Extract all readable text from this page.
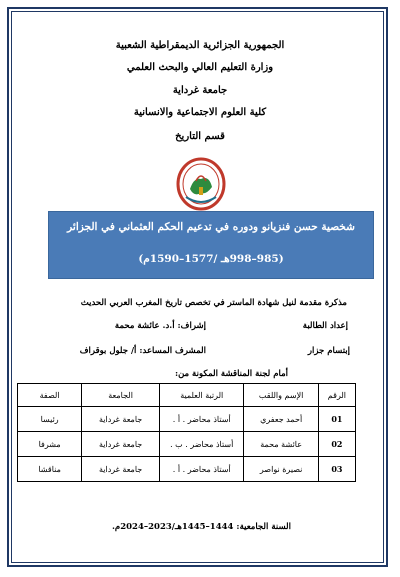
الجمهورية الجزائرية الديمقراطية الشعبية
وزارة التعليم العالي والبحث العلمي
جامعة غرداية
كلية العلوم الاجتماعية والانسانية
قسم التاريخ
شخصية حسن فنزيانو ودوره في تدعيم الحكم العثماني في الجزائر
(985–998هـ /1577–1590م)
مذكرة مقدمة لنيل شهادة الماستر في تخصص تاريخ المغرب العربي الحديث
إعداد الطالبة
إشراف: أ.د. عائشة محمة
إبتسام جزار
المشرف المساعد: أ/ جلول بوقراف
أمام لجنة المناقشة المكونة من:
الرقم	الإسم واللقب	الرتبة العلمية	الجامعة	الصفة
01	أحمد جعفري	أستاذ محاضر . أ .	جامعة غرداية	رئيسا
02	عائشة محمة	أستاذ محاضر . ب .	جامعة غرداية	مشرفا
03	نصيرة نواصر	أستاذ محاضر . أ .	جامعة غرداية	مناقشا
السنة الجامعية: 1444–1445هـ/2023–2024م.
